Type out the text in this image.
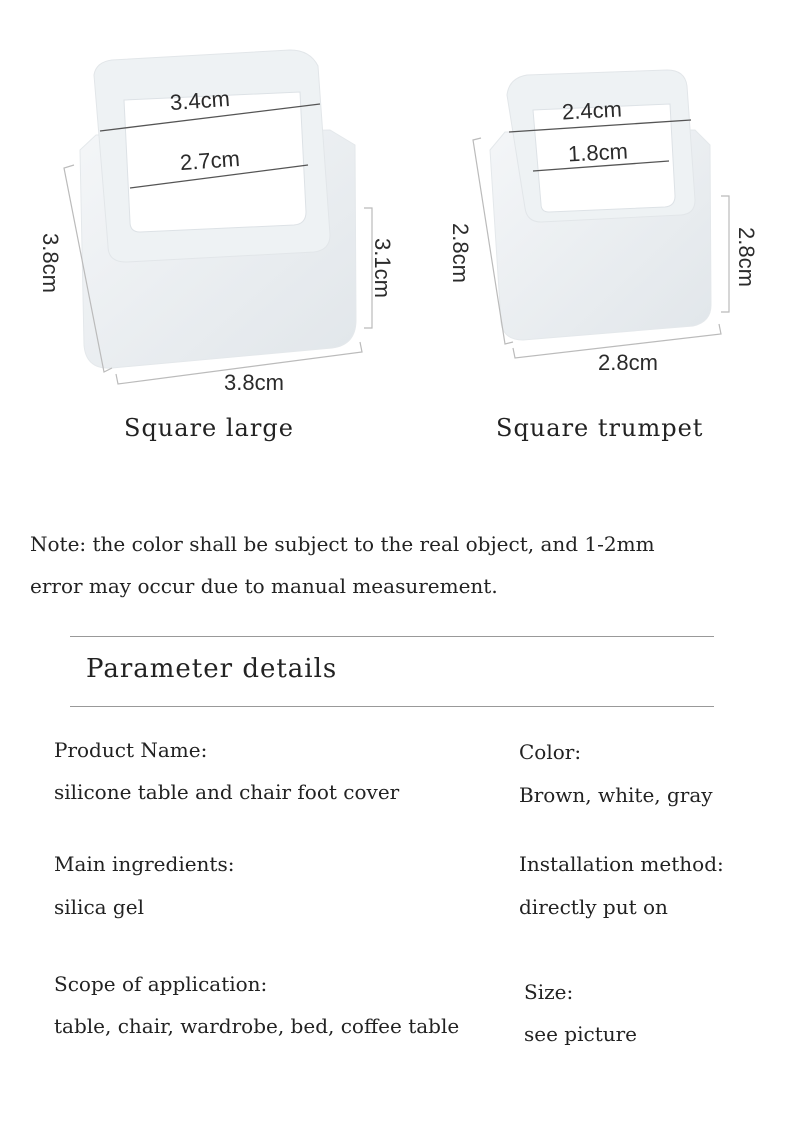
3.4cm
2.7cm
3.8cm	3.1cm
3.8cm
Square large
2.4cm
1.8cm
2.8cm	2.8cm
2.8cm
Square trumpet
Note: the color shall be subject to the real object, and 1-2mm
error may occur due to manual measurement.
Parameter details
Product Name:
silicone table and chair foot cover
Color:
Brown, white, gray
Main ingredients:
silica gel
Installation method:
directly put on
Scope of application:
table, chair, wardrobe, bed, coffee table
Size:
see picture
